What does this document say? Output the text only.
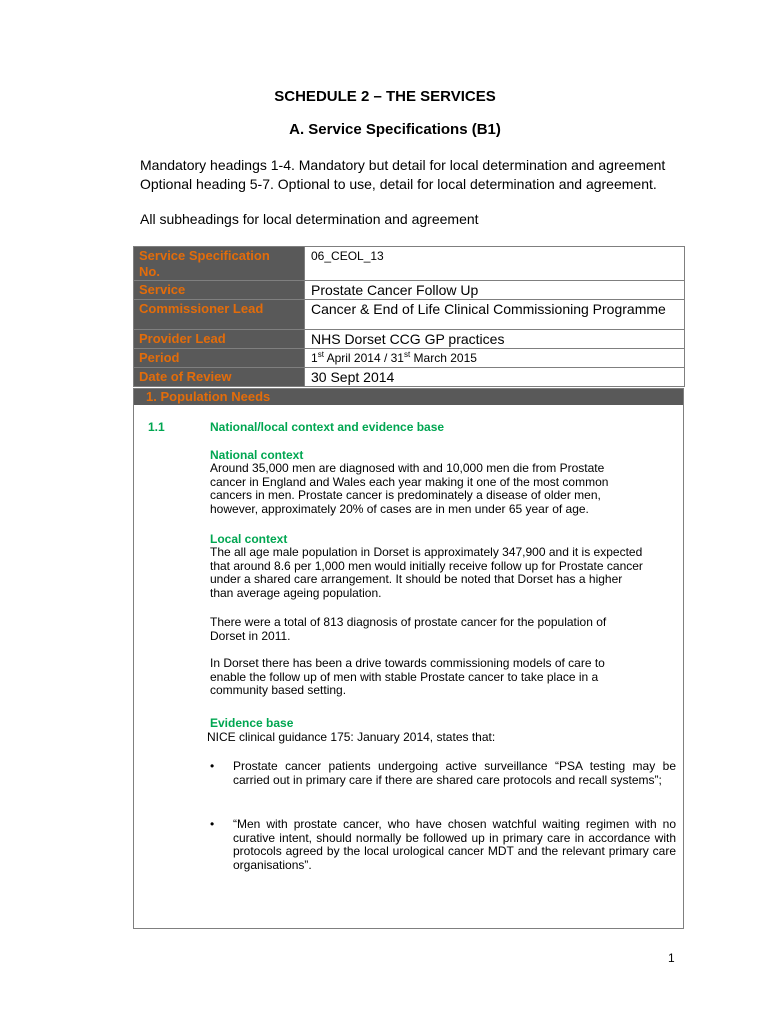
SCHEDULE 2 – THE SERVICES
A. Service Specifications (B1)
Mandatory headings 1-4. Mandatory but detail for local determination and agreement
Optional heading 5-7. Optional to use, detail for local determination and agreement.
All subheadings for local determination and agreement
Service Specification
No.	06_CEOL_13
Service	Prostate Cancer Follow Up
Commissioner Lead	Cancer & End of Life Clinical Commissioning Programme
Provider Lead	NHS Dorset CCG GP practices
Period	1st April 2014 / 31st March 2015
Date of Review	30 Sept 2014
1. Population Needs
1.1	National/local context and evidence base
National context
Around 35,000 men are diagnosed with and 10,000 men die from Prostate
cancer in England and Wales each year making it one of the most common
cancers in men. Prostate cancer is predominately a disease of older men,
however, approximately 20% of cases are in men under 65 year of age.
Local context
The all age male population in Dorset is approximately 347,900 and it is expected
that around 8.6 per 1,000 men would initially receive follow up for Prostate cancer
under a shared care arrangement. It should be noted that Dorset has a higher
than average ageing population.
There were a total of 813 diagnosis of prostate cancer for the population of
Dorset in 2011.
In Dorset there has been a drive towards commissioning models of care to
enable the follow up of men with stable Prostate cancer to take place in a
community based setting.
Evidence base
NICE clinical guidance 175: January 2014, states that:
• Prostate cancer patients undergoing active surveillance “PSA testing may be carried out in primary care if there are shared care protocols and recall systems”;
• “Men with prostate cancer, who have chosen watchful waiting regimen with no curative intent, should normally be followed up in primary care in accordance with protocols agreed by the local urological cancer MDT and the relevant primary care organisations”.
1
